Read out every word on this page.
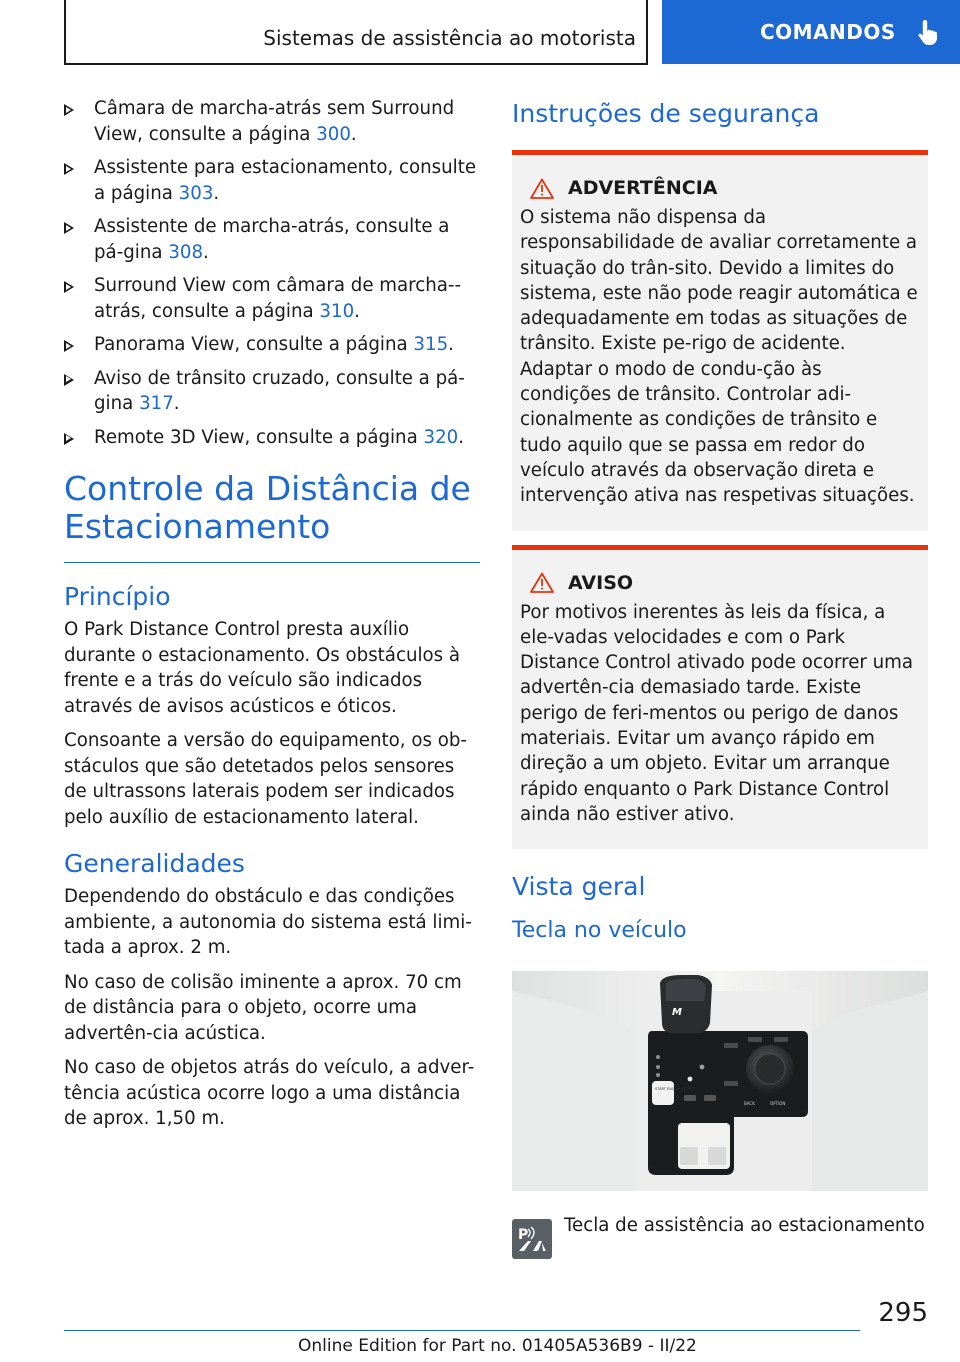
Sistemas de assistência ao motorista	COMANDOS
Câmara de marcha-atrás sem Surround View, consulte a página 300.
Assistente para estacionamento, consulte a página 303.
Assistente de marcha-atrás, consulte a pá-gina 308.
Surround View com câmara de marcha--atrás, consulte a página 310.
Panorama View, consulte a página 315.
Aviso de trânsito cruzado, consulte a pá-gina 317.
Remote 3D View, consulte a página 320.
Controle da Distância de Estacionamento
Princípio

O Park Distance Control presta auxílio durante o estacionamento. Os obstáculos à frente e a trás do veículo são indicados através de avisos acústicos e óticos.

Consoante a versão do equipamento, os ob-stáculos que são detetados pelos sensores de ultrassons laterais podem ser indicados pelo auxílio de estacionamento lateral.

Generalidades

Dependendo do obstáculo e das condições ambiente, a autonomia do sistema está limi-tada a aprox. 2 m.

No caso de colisão iminente a aprox. 70 cm de distância para o objeto, ocorre uma advertên-cia acústica.

No caso de objetos atrás do veículo, a adver-tência acústica ocorre logo a uma distância de aprox. 1,50 m.

Instruções de segurança
ADVERTÊNCIA

O sistema não dispensa da responsabilidade de avaliar corretamente a situação do trân-sito. Devido a limites do sistema, este não pode reagir automática e adequadamente em todas as situações de trânsito. Existe pe-rigo de acidente. Adaptar o modo de condu-ção às condições de trânsito. Controlar adi-cionalmente as condições de trânsito e tudo aquilo que se passa em redor do veículo através da observação direta e intervenção ativa nas respetivas situações.

AVISO

Por motivos inerentes às leis da física, a ele-vadas velocidades e com o Park Distance Control ativado pode ocorrer uma advertên-cia demasiado tarde. Existe perigo de feri-mentos ou perigo de danos materiais. Evitar um avanço rápido em direção a um objeto. Evitar um arranque rápido enquanto o Park Distance Control ainda não estiver ativo.

Vista geral
Tecla no veículo
M
START ENGINE STOP
BACK	OPTION
P Tecla de assistência ao estacionamento
295
Online Edition for Part no. 01405A536B9 - II/22
